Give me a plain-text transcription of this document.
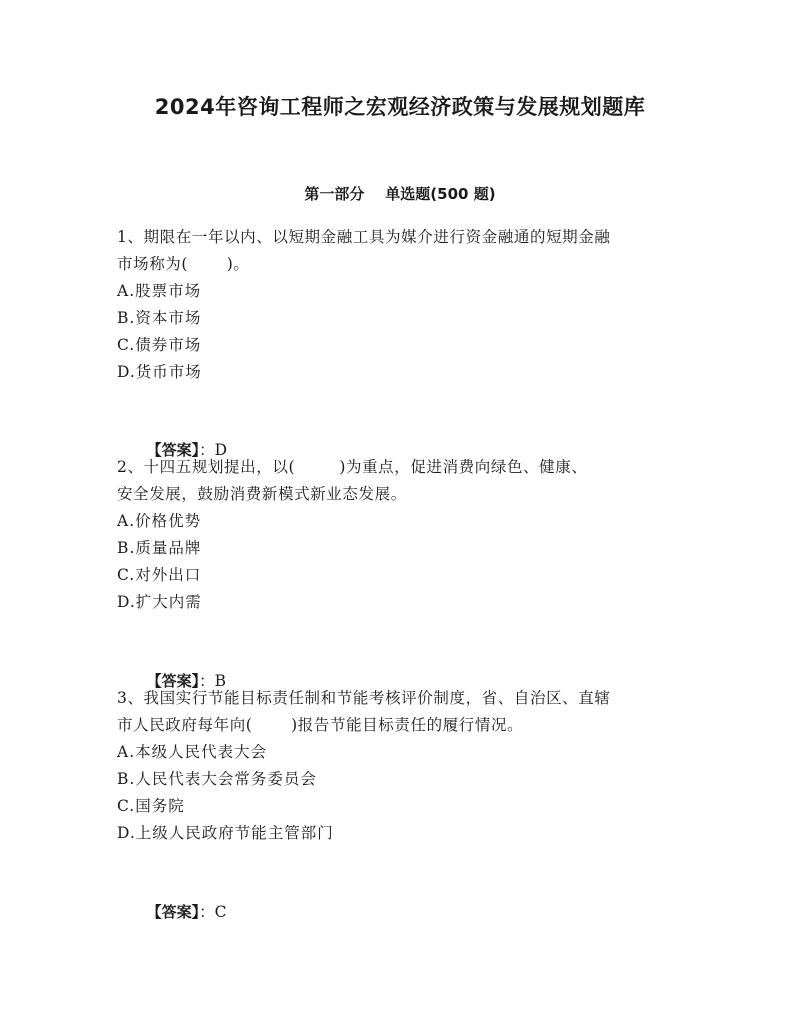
2024年咨询工程师之宏观经济政策与发展规划题库
第一部分    单选题(500 题)
1、期限在一年以内、以短期金融工具为媒介进行资金融通的短期金融
市场称为(       )。
A.股票市场
B.资本市场
C.债券市场
D.货币市场

【答案】：D

2、十四五规划提出，以(        )为重点，促进消费向绿色、健康、
安全发展，鼓励消费新模式新业态发展。
A.价格优势
B.质量品牌
C.对外出口
D.扩大内需

【答案】：B

3、我国实行节能目标责任制和节能考核评价制度，省、自治区、直辖
市人民政府每年向(       )报告节能目标责任的履行情况。
A.本级人民代表大会
B.人民代表大会常务委员会
C.国务院
D.上级人民政府节能主管部门

【答案】：C
